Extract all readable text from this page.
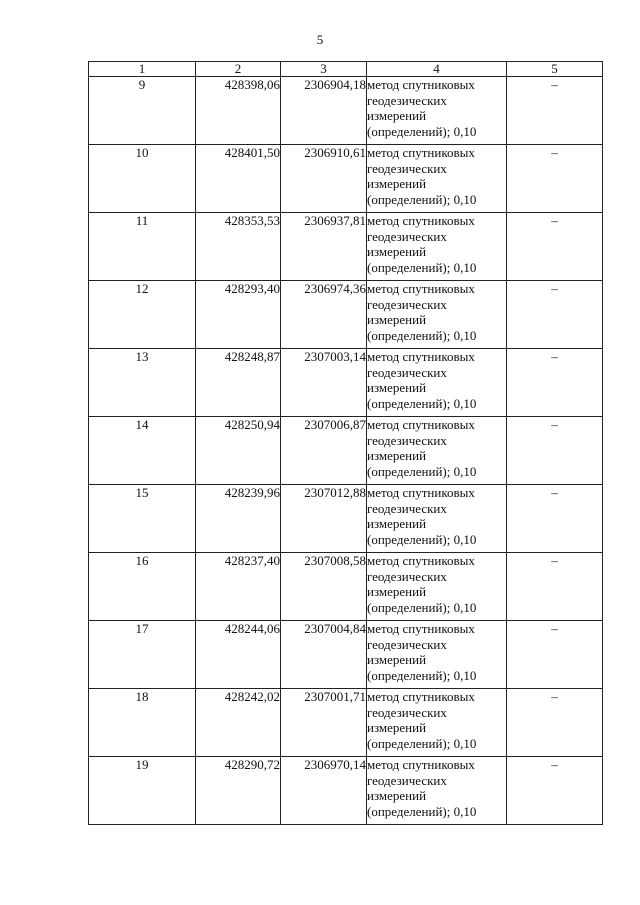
5
1	2	3	4	5
9	428398,06	2306904,18	метод спутниковых
геодезических
измерений
(определений); 0,10	–
10	428401,50	2306910,61	метод спутниковых
геодезических
измерений
(определений); 0,10	–
11	428353,53	2306937,81	метод спутниковых
геодезических
измерений
(определений); 0,10	–
12	428293,40	2306974,36	метод спутниковых
геодезических
измерений
(определений); 0,10	–
13	428248,87	2307003,14	метод спутниковых
геодезических
измерений
(определений); 0,10	–
14	428250,94	2307006,87	метод спутниковых
геодезических
измерений
(определений); 0,10	–
15	428239,96	2307012,88	метод спутниковых
геодезических
измерений
(определений); 0,10	–
16	428237,40	2307008,58	метод спутниковых
геодезических
измерений
(определений); 0,10	–
17	428244,06	2307004,84	метод спутниковых
геодезических
измерений
(определений); 0,10	–
18	428242,02	2307001,71	метод спутниковых
геодезических
измерений
(определений); 0,10	–
19	428290,72	2306970,14	метод спутниковых
геодезических
измерений
(определений); 0,10	–
